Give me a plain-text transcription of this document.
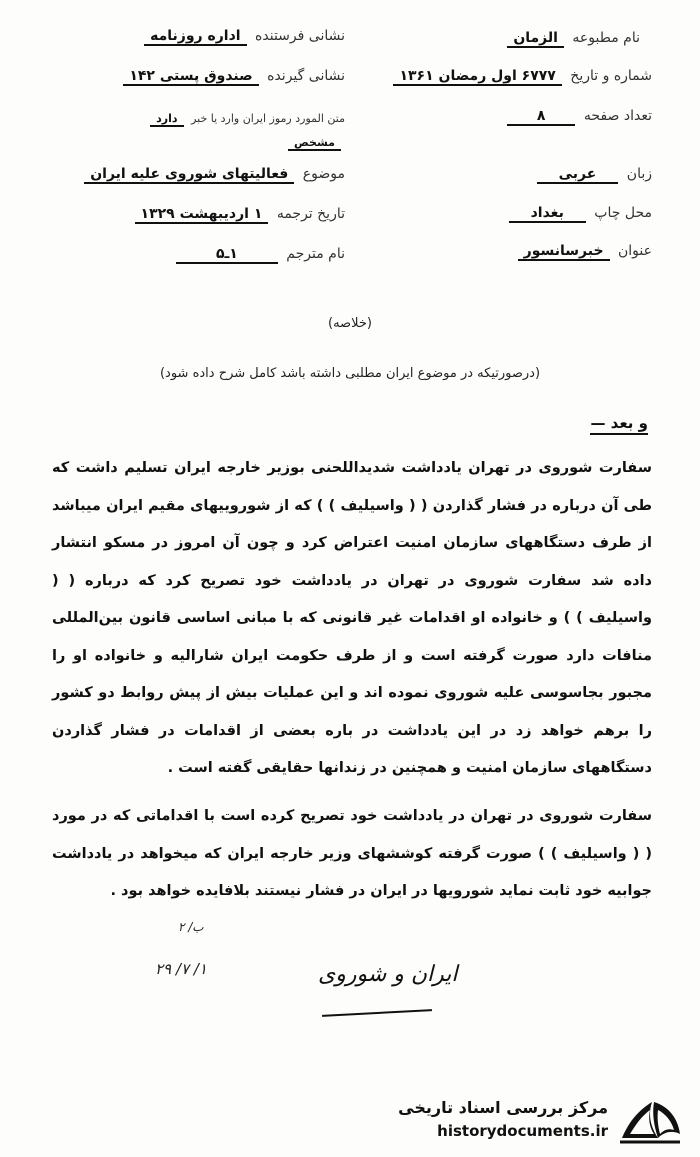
نام مطبوعه الزمان
شماره و تاریخ ۶۷۷۷ اول رمضان ۱۳۶۱
تعداد صفحه ۸
زبان عربی
محل چاپ بغداد
عنوان خبرسانسور
نشانی فرستنده اداره روزنامه
نشانی گیرنده صندوق پستی ۱۴۲
متن المورد رموز ایران وارد یا خبر دارد
مشخص
موضوع فعالیتهای شوروی علیه ایران
تاریخ ترجمه ۱ اردیبهشت ۱۳۲۹
نام مترجم ۱ـ۵
(خلاصه)
(درصورتیکه در موضوع ایران مطلبی داشته باشد کامل شرح داده شود)
و بعد —
سفارت شوروی در تهران یادداشت شدیداللحنی بوزیر خارجه ایران تسلیم داشت که طی آن درباره در فشار گذاردن ( ( واسیلیف ) ) که از شوروییهای مقیم ایران میباشد از طرف دستگاههای سازمان امنیت اعتراض کرد و چون آن امروز در مسکو انتشار داده شد سفارت شوروی در تهران در یادداشت خود تصریح کرد که درباره ( ( واسیلیف ) ) و خانواده او اقدامات غیر قانونی که با مبانی اساسی قانون بین‌المللی منافات دارد صورت گرفته است و از طرف حکومت ایران شارالیه و خانواده او را مجبور بجاسوسی علیه شوروی نموده اند و این عملیات بیش از پیش روابط دو کشور را برهم خواهد زد در این یادداشت در باره بعضی از اقدامات در فشار گذاردن دستگاههای سازمان امنیت و همچنین در زندانها حقایقی گفته است .
سفارت شوروی در تهران در یادداشت خود تصریح کرده است با اقداماتی که در مورد ( ( واسیلیف ) ) صورت گرفته کوششهای وزیر خارجه ایران که میخواهد در یادداشت جوابیه خود ثابت نماید شورویها در ایران در فشار نیستند بلافایده خواهد بود .
ب/ ۲
۱/ ۷/ ۲۹	ایران و شوروی
مرکز بررسی اسناد تاریخی
historydocuments.ir
